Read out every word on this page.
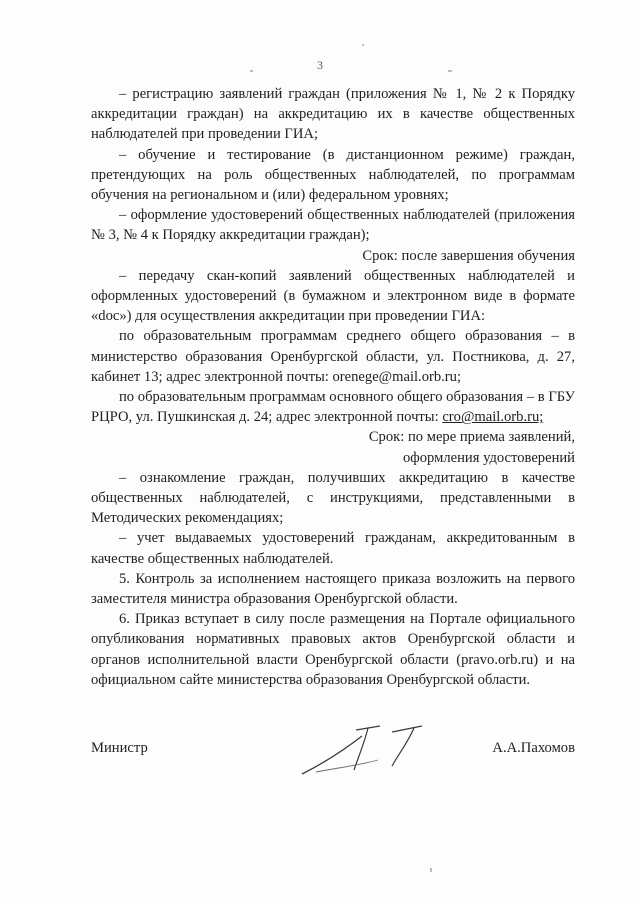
3

– регистрацию заявлений граждан (приложения № 1, № 2 к Порядку аккредитации граждан) на аккредитацию их в качестве общественных наблюдателей при проведении ГИА;

– обучение и тестирование (в дистанционном режиме) граждан, претендующих на роль общественных наблюдателей, по программам обучения на региональном и (или) федеральном уровнях;

– оформление удостоверений общественных наблюдателей (приложения № 3, № 4 к Порядку аккредитации граждан);

Срок: после завершения обучения

– передачу скан-копий заявлений общественных наблюдателей и оформленных удостоверений (в бумажном и электронном виде в формате «doc») для осуществления аккредитации при проведении ГИА:

по образовательным программам среднего общего образования – в министерство образования Оренбургской области, ул. Постникова, д. 27, кабинет 13; адрес электронной почты: orenege@mail.orb.ru;

по образовательным программам основного общего образования – в ГБУ РЦРО, ул. Пушкинская д. 24; адрес электронной почты: cro@mail.orb.ru;

Срок: по мере приема заявлений,

оформления удостоверений

– ознакомление граждан, получивших аккредитацию в качестве общественных наблюдателей, с инструкциями, представленными в Методических рекомендациях;

– учет выдаваемых удостоверений гражданам, аккредитованным в качестве общественных наблюдателей.

5. Контроль за исполнением настоящего приказа возложить на первого заместителя министра образования Оренбургской области.

6. Приказ вступает в силу после размещения на Портале официального опубликования нормативных правовых актов Оренбургской области и органов исполнительной власти Оренбургской области (pravo.orb.ru) и на официальном сайте министерства образования Оренбургской области.

Министр	А.А.Пахомов
